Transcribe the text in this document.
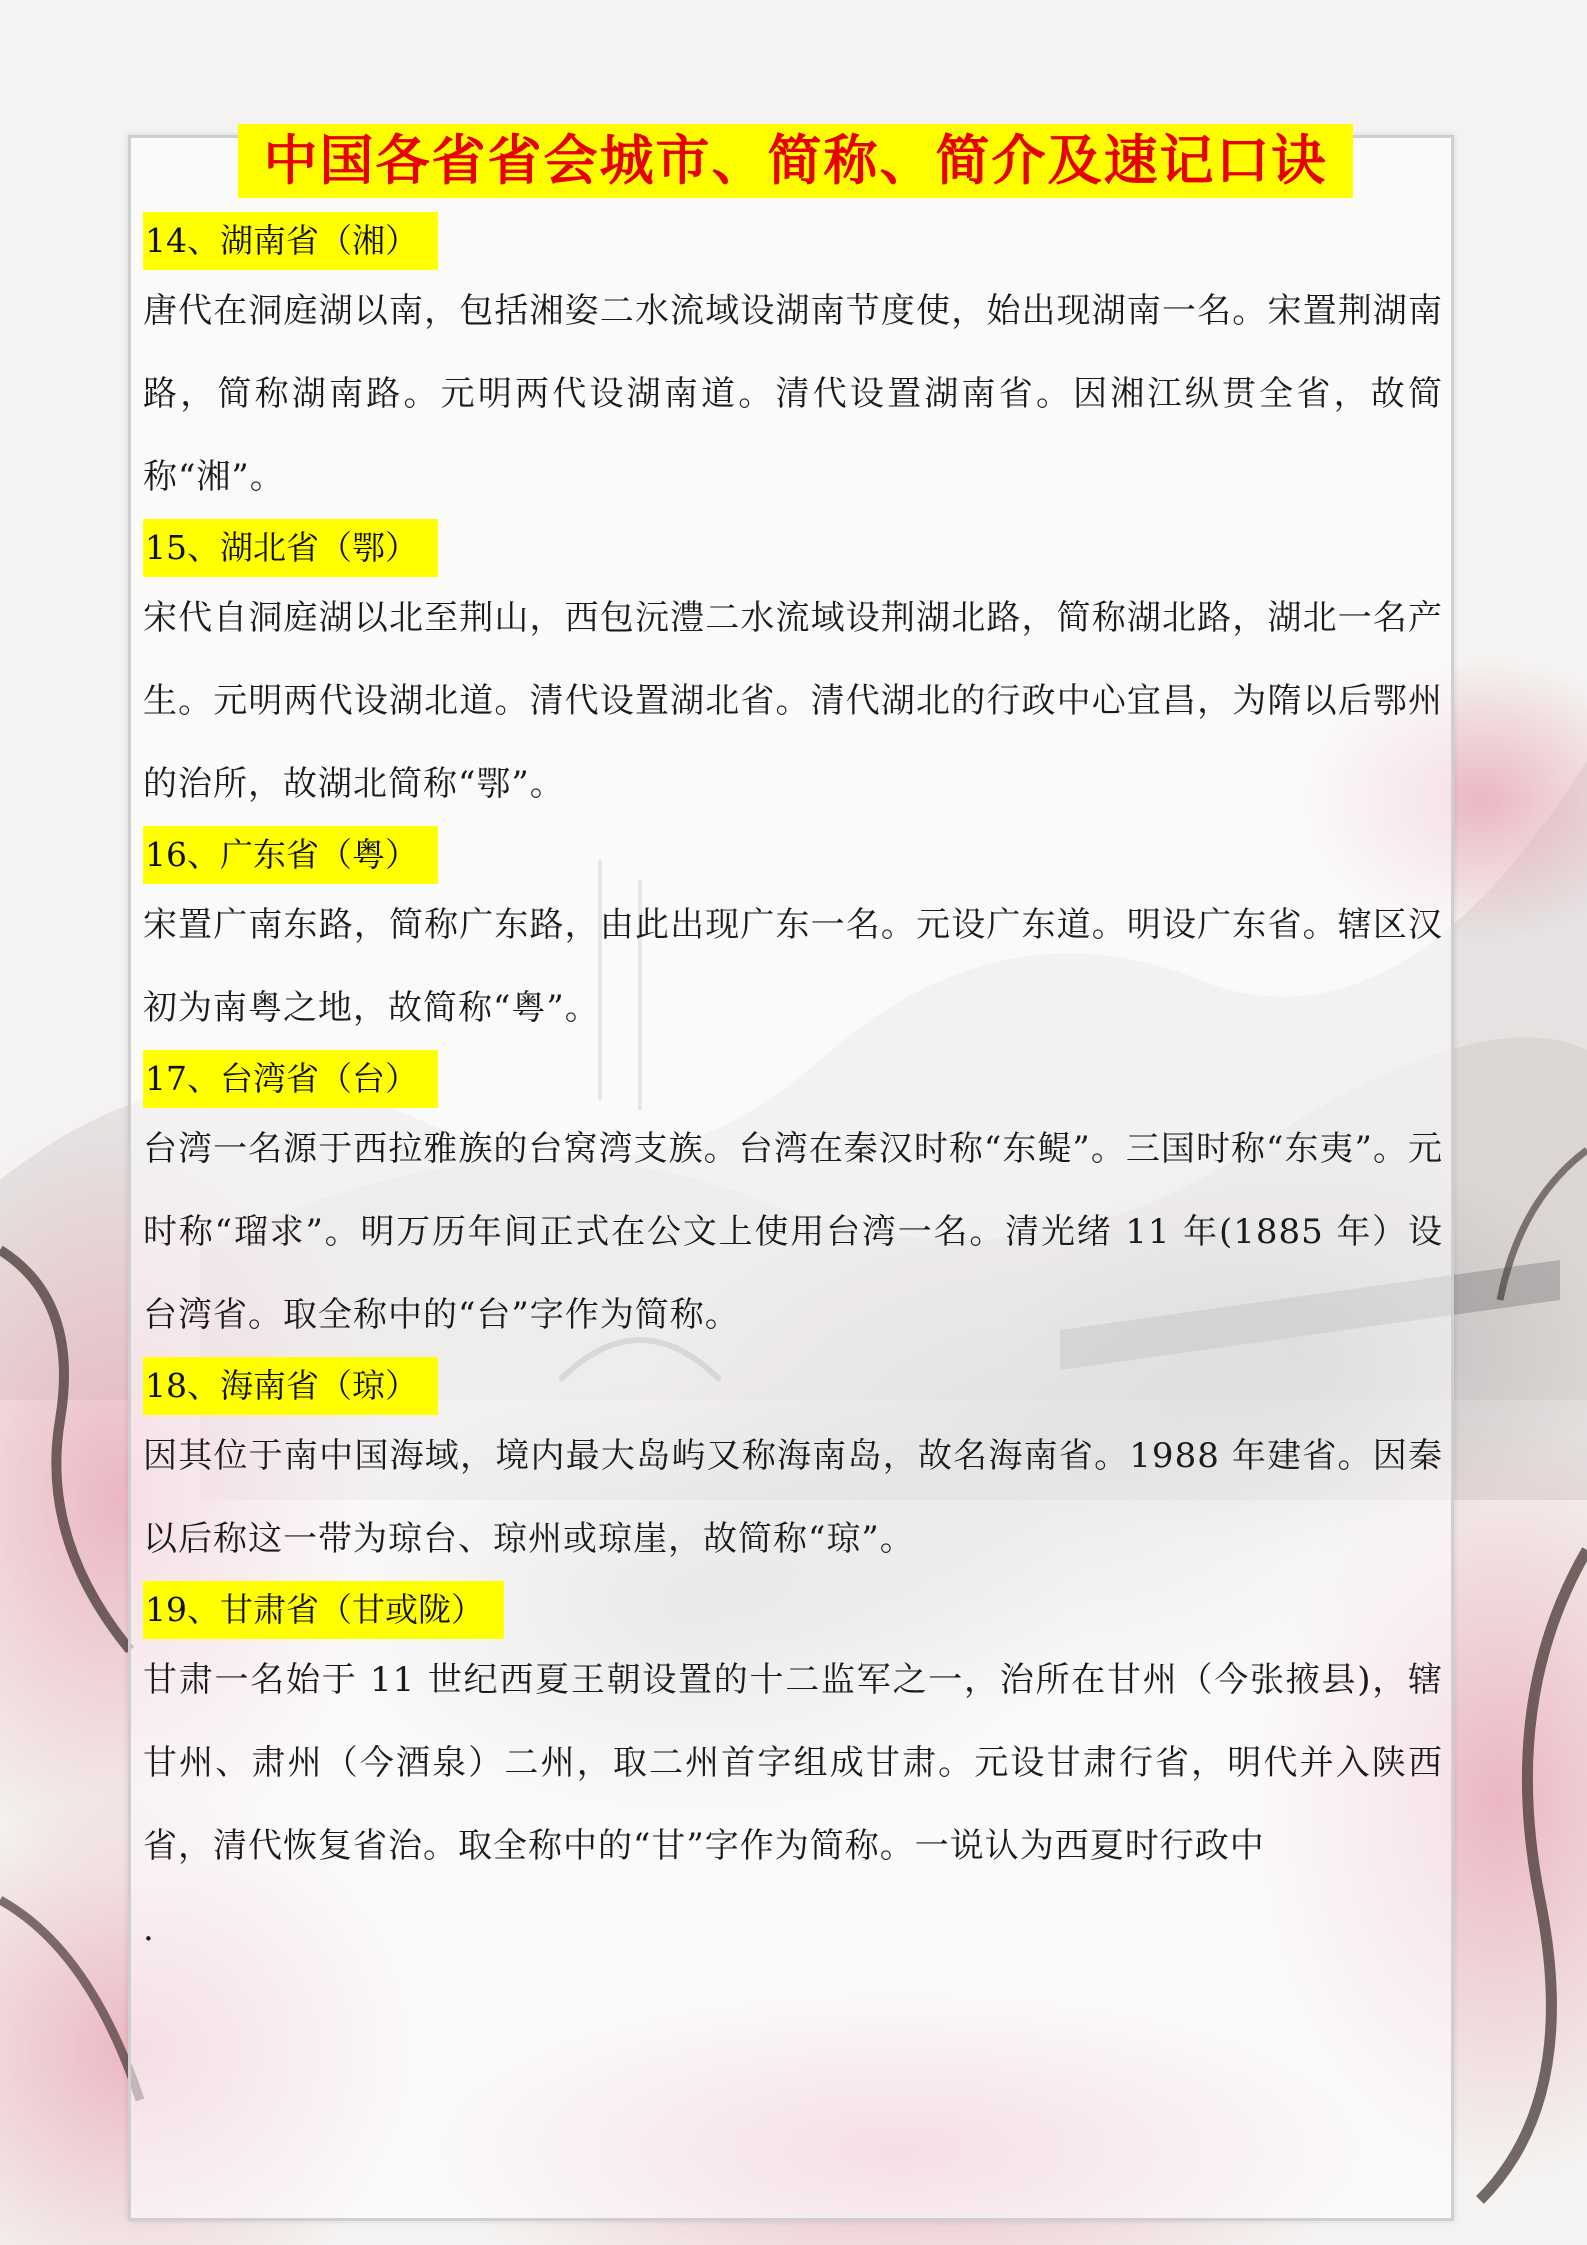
中国各省省会城市、简称、简介及速记口诀
14、湖南省（湘）

唐代在洞庭湖以南，包括湘姿二水流域设湖南节度使，始出现湖南一名。宋置荆湖南路，简称湖南路。元明两代设湖南道。清代设置湖南省。因湘江纵贯全省，故简称“湘”。

15、湖北省（鄂）

宋代自洞庭湖以北至荆山，西包沅澧二水流域设荆湖北路，简称湖北路，湖北一名产生。元明两代设湖北道。清代设置湖北省。清代湖北的行政中心宜昌，为隋以后鄂州的治所，故湖北简称“鄂”。

16、广东省（粤）

宋置广南东路，简称广东路，由此出现广东一名。元设广东道。明设广东省。辖区汉初为南粤之地，故简称“粤”。

17、台湾省（台）

台湾一名源于西拉雅族的台窝湾支族。台湾在秦汉时称“东鳀”。三国时称“东夷”。元时称“瑠求”。明万历年间正式在公文上使用台湾一名。清光绪 11 年(1885 年）设台湾省。取全称中的“台”字作为简称。

18、海南省（琼）

因其位于南中国海域，境内最大岛屿又称海南岛，故名海南省。1988 年建省。因秦以后称这一带为琼台、琼州或琼崖，故简称“琼”。

19、甘肃省（甘或陇）

甘肃一名始于 11 世纪西夏王朝设置的十二监军之一，治所在甘州（今张掖县)，辖甘州、肃州（今酒泉）二州，取二州首字组成甘肃。元设甘肃行省，明代并入陕西省，清代恢复省治。取全称中的“甘”字作为简称。一说认为西夏时行政中

.
